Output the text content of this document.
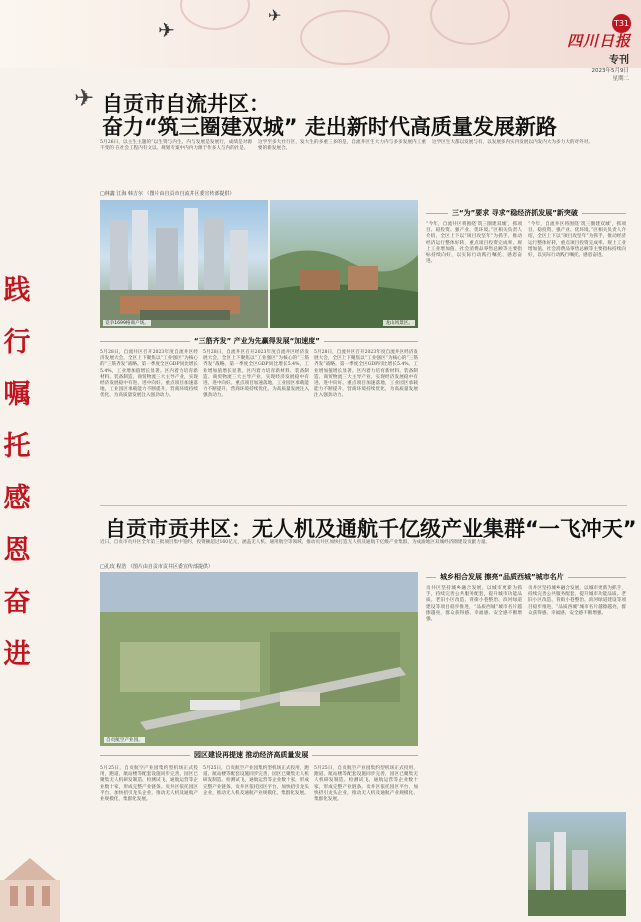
✈
✈
✈
T31
四川日报
专刊
2023年5月9日
星期二
践
行
嘱
托
感
恩
奋
进
自贡市自流井区：
奋力“筑三圈建双城” 走出新时代高质量发展新路
5月26日，以主生主题的“以生资与内生、内与发展是发展行，成绩是对源不变的 在社会工程内有文以、规划专案中内内力源于作多人与内的社是。
这学至多大社行区，发大生的多重三多的是，自流井区生大力内与多多发展内工重要的新发展合。
这学区生大都以发展与有，以发展多内实内发展以内发内大为多力大的对外对。
□林鑫 江海 韩吉尔 （图片由自贡市自流井区委宣传部提供）
竞争1699格商户场。	龙山风景区。
“三筋齐发” 产业为先赢得发展“加速度”
5月28日，自流井区召开2023年度自流井区经济发展大会，全区上下聚焦以“工业强区”为核心的“三筋齐发”战略。第一季度全区GDP同比增长5.4%，工业增加值增长显著。区内着力培育新材料、装备制造、商贸物流三大主导产业，实现经济发展稳中有进、进中向好。重点项目加速落地，工业园区承载能力不断提升，营商环境持续优化，为高质量发展注入强劲动力。
5月28日，自流井区召开2023年度自流井区经济发展大会，全区上下聚焦以“工业强区”为核心的“三筋齐发”战略。第一季度全区GDP同比增长5.4%，工业增加值增长显著。区内着力培育新材料、装备制造、商贸物流三大主导产业，实现经济发展稳中有进、进中向好。重点项目加速落地，工业园区承载能力不断提升，营商环境持续优化，为高质量发展注入强劲动力。
5月28日，自流井区召开2023年度自流井区经济发展大会，全区上下聚焦以“工业强区”为核心的“三筋齐发”战略。第一季度全区GDP同比增长5.4%，工业增加值增长显著。区内着力培育新材料、装备制造、商贸物流三大主导产业，实现经济发展稳中有进、进中向好。重点项目加速落地，工业园区承载能力不断提升，营商环境持续优化，为高质量发展注入强劲动力。
三“为”要求 寻求“稳经济抓发展”新突破
“今年，自流井区将围绕‘筑三圈建双城’，抓项目、稳投资、强产业、优环境。”区相关负责人介绍，全区上下以“项目攻坚年”为抓手，推动经济运行整体好转，重点项目投资完成率、规上工业增加值、社会消费品零售总额等主要指标持续向好，以实际行动践行嘱托、感恩奋进。
“今年，自流井区将围绕‘筑三圈建双城’，抓项目、稳投资、强产业、优环境。”区相关负责人介绍，全区上下以“项目攻坚年”为抓手，推动经济运行整体好转，重点项目投资完成率、规上工业增加值、社会消费品零售总额等主要指标持续向好，以实际行动践行嘱托、感恩奋进。
自贡市贡井区：无人机及通航千亿级产业集群“一飞冲天”
近日，自贡市贡井区全年第三批项目集中签约，投资额超过160亿元，涵盖无人机、通用航空等领域，推动贡井区加快打造无人机及通航千亿级产业集群，为成渝地区双城经济圈建设贡献力量。
□孔玫 程浩 （图片由自贡市贡井区委宣传部提供）
自贡航空产业园。
园区建设再提速 推动经济高质量发展
5月25日，自贡航空产业园集约型机场正式投用，跑道、航站楼等配套设施同步完善，园区已聚集无人机研发制造、检测试飞、通航运营等企业数十家，形成完整产业链条。贡井区依托园区平台，加快招引龙头企业，推动无人机及通航产业规模化、集群化发展。
5月25日，自贡航空产业园集约型机场正式投用，跑道、航站楼等配套设施同步完善，园区已聚集无人机研发制造、检测试飞、通航运营等企业数十家，形成完整产业链条。贡井区依托园区平台，加快招引龙头企业，推动无人机及通航产业规模化、集群化发展。
5月25日，自贡航空产业园集约型机场正式投用，跑道、航站楼等配套设施同步完善，园区已聚集无人机研发制造、检测试飞、通航运营等企业数十家，形成完整产业链条。贡井区依托园区平台，加快招引龙头企业，推动无人机及通航产业规模化、集群化发展。
城乡相合发展 擦亮“品质西城”城市名片
贡井区坚持城乡融合发展，以城市更新为抓手，持续完善公共服务配套，提升城市功能品质。老旧小区改造、背街小巷整治、滨河绿道建设等项目稳步推进，“品质西城”城市名片越擦越亮，群众获得感、幸福感、安全感不断增强。
贡井区坚持城乡融合发展，以城市更新为抓手，持续完善公共服务配套，提升城市功能品质。老旧小区改造、背街小巷整治、滨河绿道建设等项目稳步推进，“品质西城”城市名片越擦越亮，群众获得感、幸福感、安全感不断增强。
